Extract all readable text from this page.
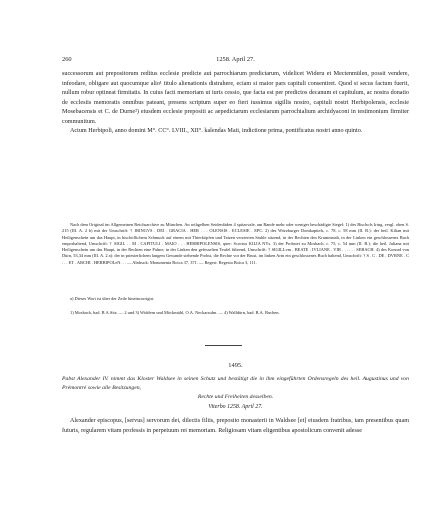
260	1258. April 27.

successorum aut prepositorum reditus ecclesie predicte aut parrochiarum predictarum, videlicet Wideru et Mectenmülen, possit vendere, infeodare, obligare aut quocumque alio¹ titulo alienationis distrahere, eciam si maior pars capituli consentiret. Quod si secus factum fuerit, nullum robur optineat firmitatis. In cuius facti memoriam ut iuris cessio, que facta est per predictos decanum et capitulum, ac nostra donatio de ecclesiis memoratis omnibus pateant, presens scriptum super eo fieri iussimus sigillis nostro, capituli nostri Herbipolensis, ecclesie Mosebacensis et C. de Durne²) eiusdem ecclesie prepositi ac aepedictarum ecclesiarum parrochialium archidyaconi in testimonium firmiter communitum.

Actum Herbipoli, anno domini M°. CC°. LVIII., XII°. kalendas Maii, indictione prima, pontificatus nostri anno quinto.

Nach dem Original im Allgemeinen Reichsarchive zu München. An rothgelben Seidenfäden 4 spitzovale, am Rande mehr oder weniger beschädigte Siegel: 1) des Bischofs Iring, vergl. oben S. 215 (III. A. 2 b) mit der Umschrift: † IRINGVS . DEI . GRACIA . HER . . . OLENSIS . ECLESIE . EPC. 2) des Würzburger Domkapitels, c. 78, c. 58 mm (II. B.): der heil. Kilian mit Heiligenschein um das Haupt, in bischöflichem Schmuck auf einem mit Thierköpfen und Tatzen verzierten Stuhle sitzend, in der Rechten den Krummstab, in der Linken ein geschlossenes Buch emporhaltend, Umschrift: † SIGIL . . M . CAPITULI . MAIO . . . HERBIPOLENSIS, quer: Scoctus KILIA NVs. 3) der Probstei zu Mosbach, c. 75, c. 54 mm (II. B.): die heil. Juliana mit Heiligenschein um das Haupt, in der Rechten eine Palme, in der Linken den gefesselten Teufel führend, Umschrift: † SIGILLvm . BEATE . IVLIANE . VIR . . . . . . SEBACH. 4) des Konrad von Dürn, 53,34 mm (III. A. 2 a): der in priesterlichem langem Gewande stehende Probst, die Rechte vor der Brust, im linken Arm ein geschlossenes Buch haltend, Umschrift: † S . C . DE . DVRNE . C . . . ET . ARCHI . HERBIPOLeN. . . — Abdruck: Monumenta Boica 37, 371. — Regest: Regesta Boica 3, 111.

a) Dieses Wort ist über der Zeile hineincorrigirt.

1) Mosbach, bad. B.A.Sitz. — 2 und 3) Widdern und Möckmühl, O.A. Neckarsulm. — 4) Walldürn, bad. B.A. Buchen.

1495.

Pabst Alexander IV. nimmt das Kloster Waldsee in seinen Schutz und bestätigt die in ihm eingeführten Ordensregeln des heil. Augustinus und von Prémontré sowie alle Besitzungen,

Rechte und Freiheiten desselben.

Viterbo 1258. April 27.

Alexander episcopus, [servus] servorum dei, dilectis filiis, preposito monasterii in Waldsee [et] eiusdem fratribus, tam presentibus quam futuris, regularem vitam professis in perpetuum rei memoriam. Religiosam vitam eligentibus apostolicum convenit adesse
